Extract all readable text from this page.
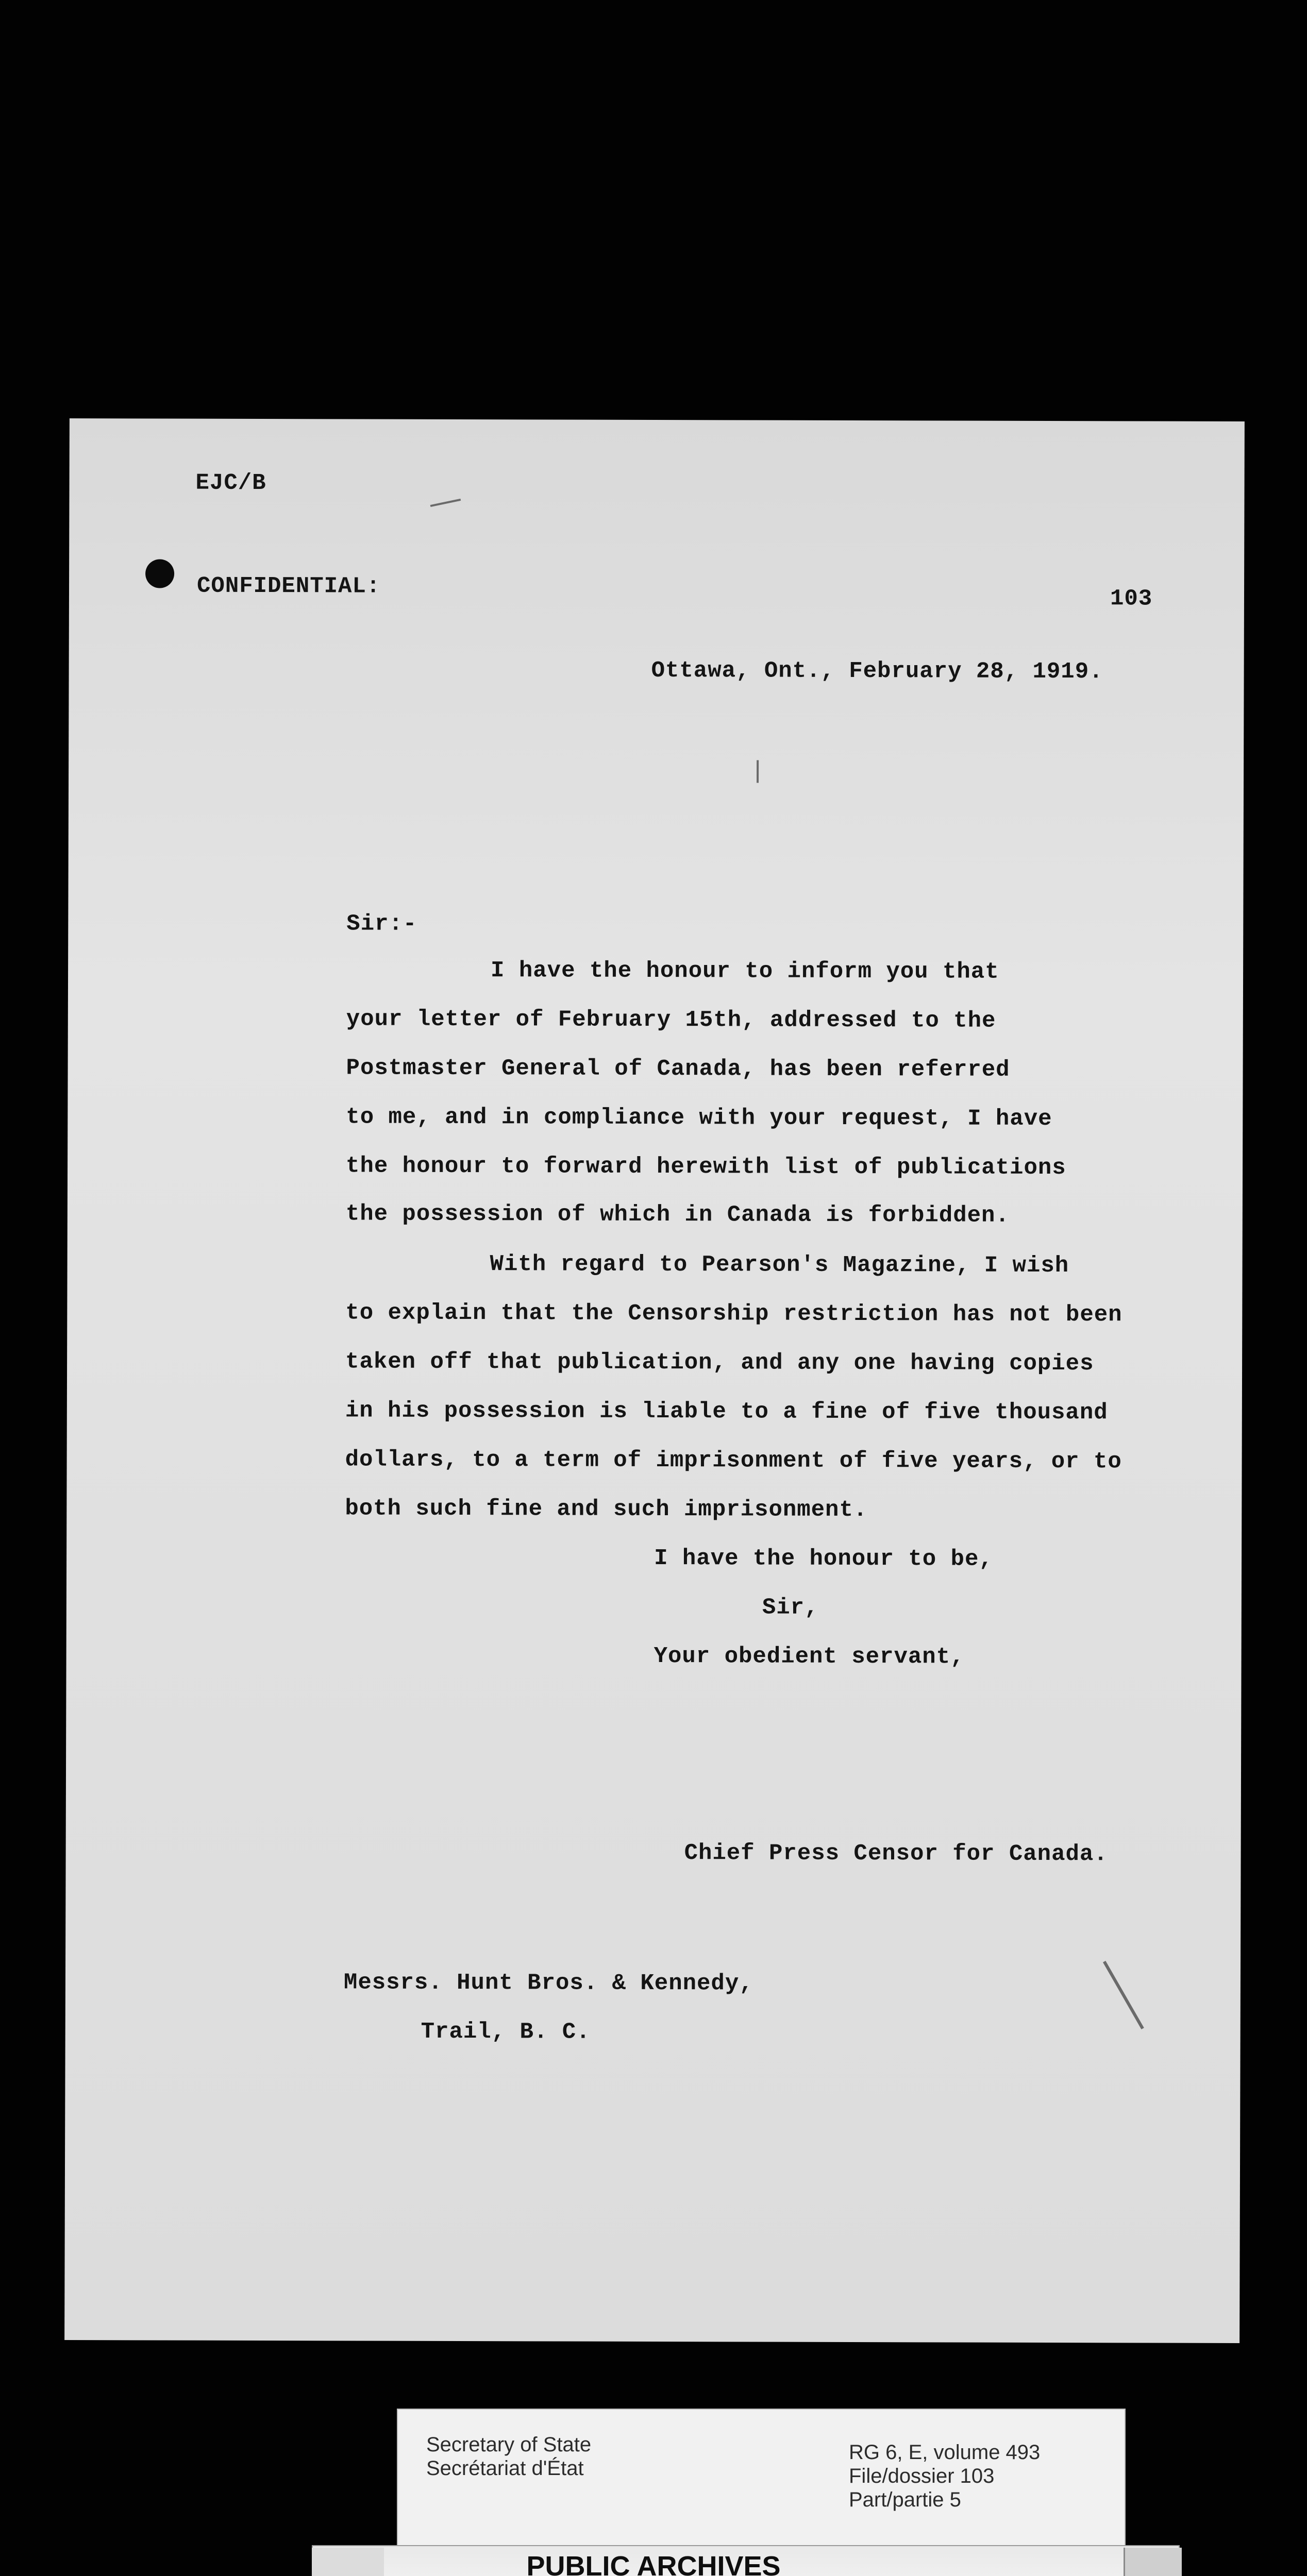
EJC/B
CONFIDENTIAL:	103
Ottawa, Ont., February 28, 1919.
Sir:-
I have the honour to inform you that
your letter of February 15th, addressed to the
Postmaster General of Canada, has been referred
to me, and in compliance with your request, I have
the honour to forward herewith list of publications
the possession of which in Canada is forbidden.
With regard to Pearson's Magazine, I wish
to explain that the Censorship restriction has not been
taken off that publication, and any one having copies
in his possession is liable to a fine of five thousand
dollars, to a term of imprisonment of five years, or to
both such fine and such imprisonment.
I have the honour to be,
Sir,
Your obedient servant,
Chief Press Censor for Canada.
Messrs. Hunt Bros. & Kennedy,
Trail, B. C.
Secretary of State
Secrétariat d'État
RG 6, E, volume 493
File/dossier 103
Part/partie 5
PUBLIC ARCHIVES
